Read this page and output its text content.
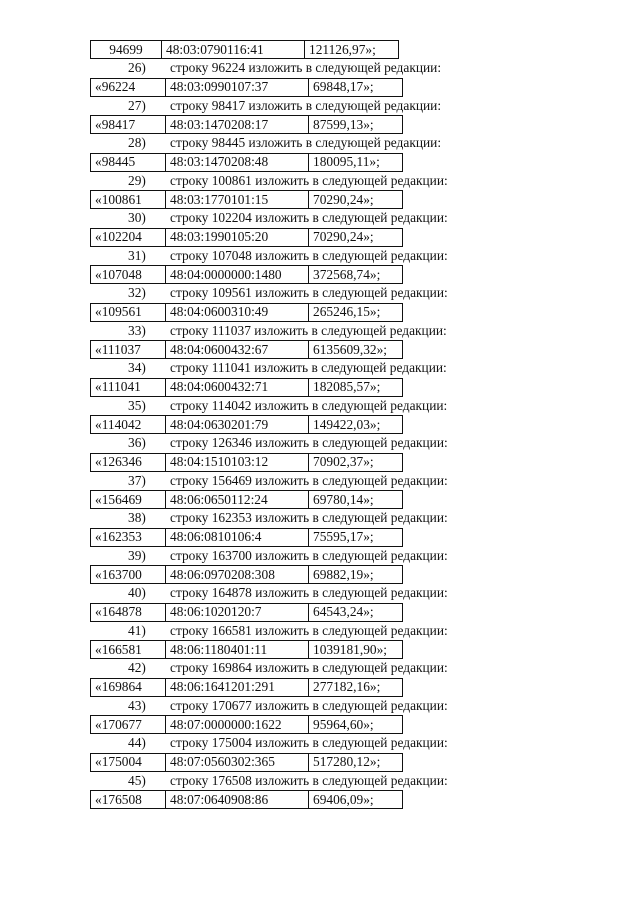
94699	48:03:0790116:41	121126,97»;
26) строку 96224 изложить в следующей редакции:
«96224	48:03:0990107:37	69848,17»;
27) строку 98417 изложить в следующей редакции:
«98417	48:03:1470208:17	87599,13»;
28) строку 98445 изложить в следующей редакции:
«98445	48:03:1470208:48	180095,11»;
29) строку 100861 изложить в следующей редакции:
«100861	48:03:1770101:15	70290,24»;
30) строку 102204 изложить в следующей редакции:
«102204	48:03:1990105:20	70290,24»;
31) строку 107048 изложить в следующей редакции:
«107048	48:04:0000000:1480	372568,74»;
32) строку 109561 изложить в следующей редакции:
«109561	48:04:0600310:49	265246,15»;
33) строку 111037 изложить в следующей редакции:
«111037	48:04:0600432:67	6135609,32»;
34) строку 111041 изложить в следующей редакции:
«111041	48:04:0600432:71	182085,57»;
35) строку 114042 изложить в следующей редакции:
«114042	48:04:0630201:79	149422,03»;
36) строку 126346 изложить в следующей редакции:
«126346	48:04:1510103:12	70902,37»;
37) строку 156469 изложить в следующей редакции:
«156469	48:06:0650112:24	69780,14»;
38) строку 162353 изложить в следующей редакции:
«162353	48:06:0810106:4	75595,17»;
39) строку 163700 изложить в следующей редакции:
«163700	48:06:0970208:308	69882,19»;
40) строку 164878 изложить в следующей редакции:
«164878	48:06:1020120:7	64543,24»;
41) строку 166581 изложить в следующей редакции:
«166581	48:06:1180401:11	1039181,90»;
42) строку 169864 изложить в следующей редакции:
«169864	48:06:1641201:291	277182,16»;
43) строку 170677 изложить в следующей редакции:
«170677	48:07:0000000:1622	95964,60»;
44) строку 175004 изложить в следующей редакции:
«175004	48:07:0560302:365	517280,12»;
45) строку 176508 изложить в следующей редакции:
«176508	48:07:0640908:86	69406,09»;
